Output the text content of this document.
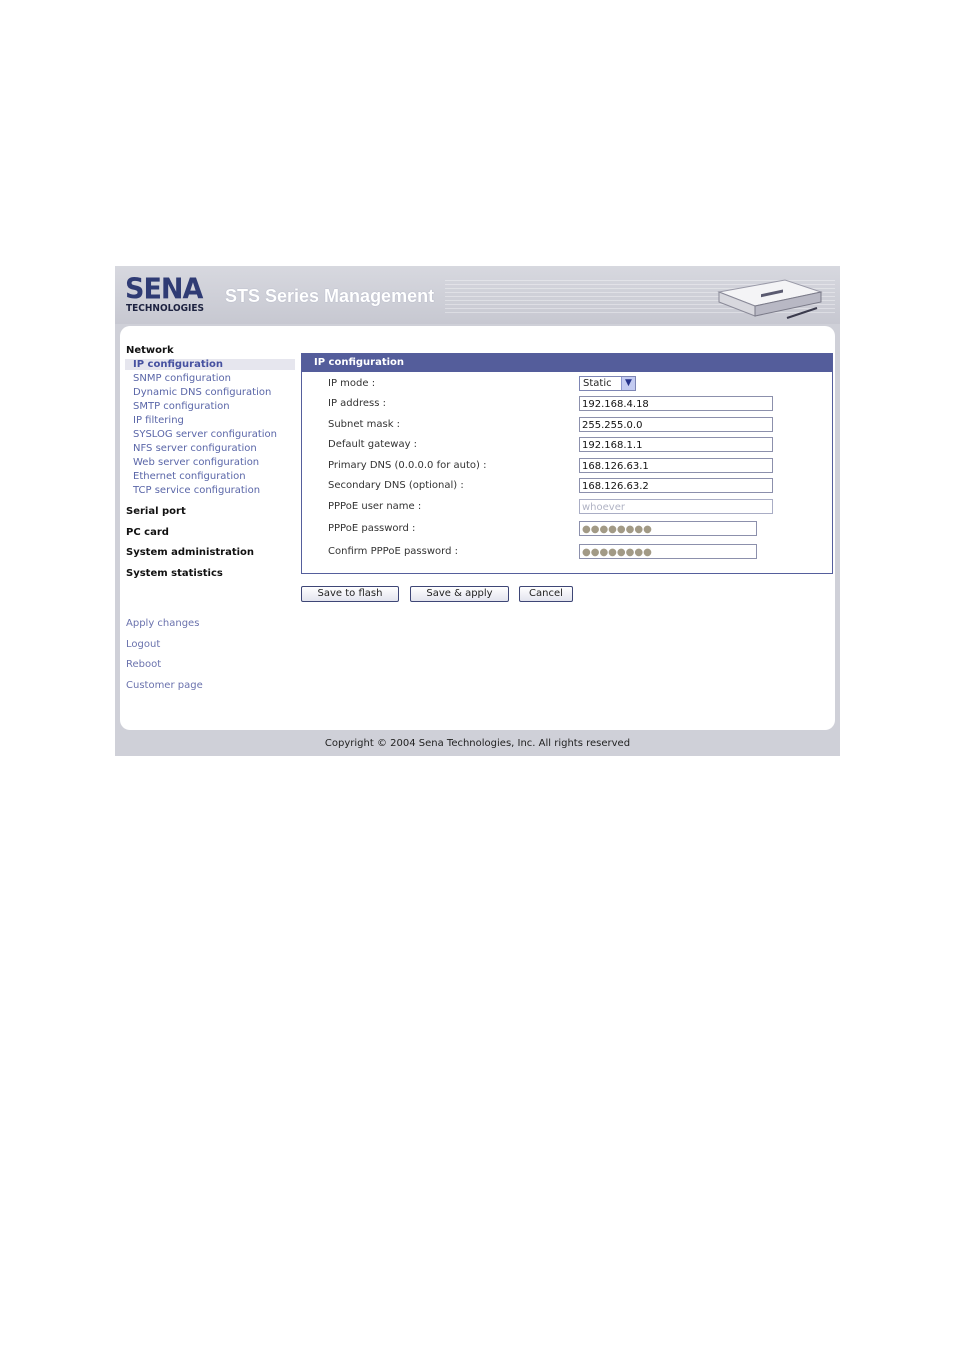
SENA
TECHNOLOGIES
STS Series Management
Network
IP configuration
SNMP configuration
Dynamic DNS configuration
SMTP configuration
IP filtering
SYSLOG server configuration
NFS server configuration
Web server configuration
Ethernet configuration
TCP service configuration
Serial port
PC card
System administration
System statistics
Apply changes
Logout
Reboot
Customer page
IP configuration
IP mode :	Static	▼
IP address :	192.168.4.18
Subnet mask :	255.255.0.0
Default gateway :	192.168.1.1
Primary DNS (0.0.0.0 for auto) :	168.126.63.1
Secondary DNS (optional) :	168.126.63.2
PPPoE user name :	whoever
PPPoE password :	●●●●●●●●
Confirm PPPoE password :	●●●●●●●●
Save to flash	Save & apply	Cancel
Copyright © 2004 Sena Technologies, Inc. All rights reserved
